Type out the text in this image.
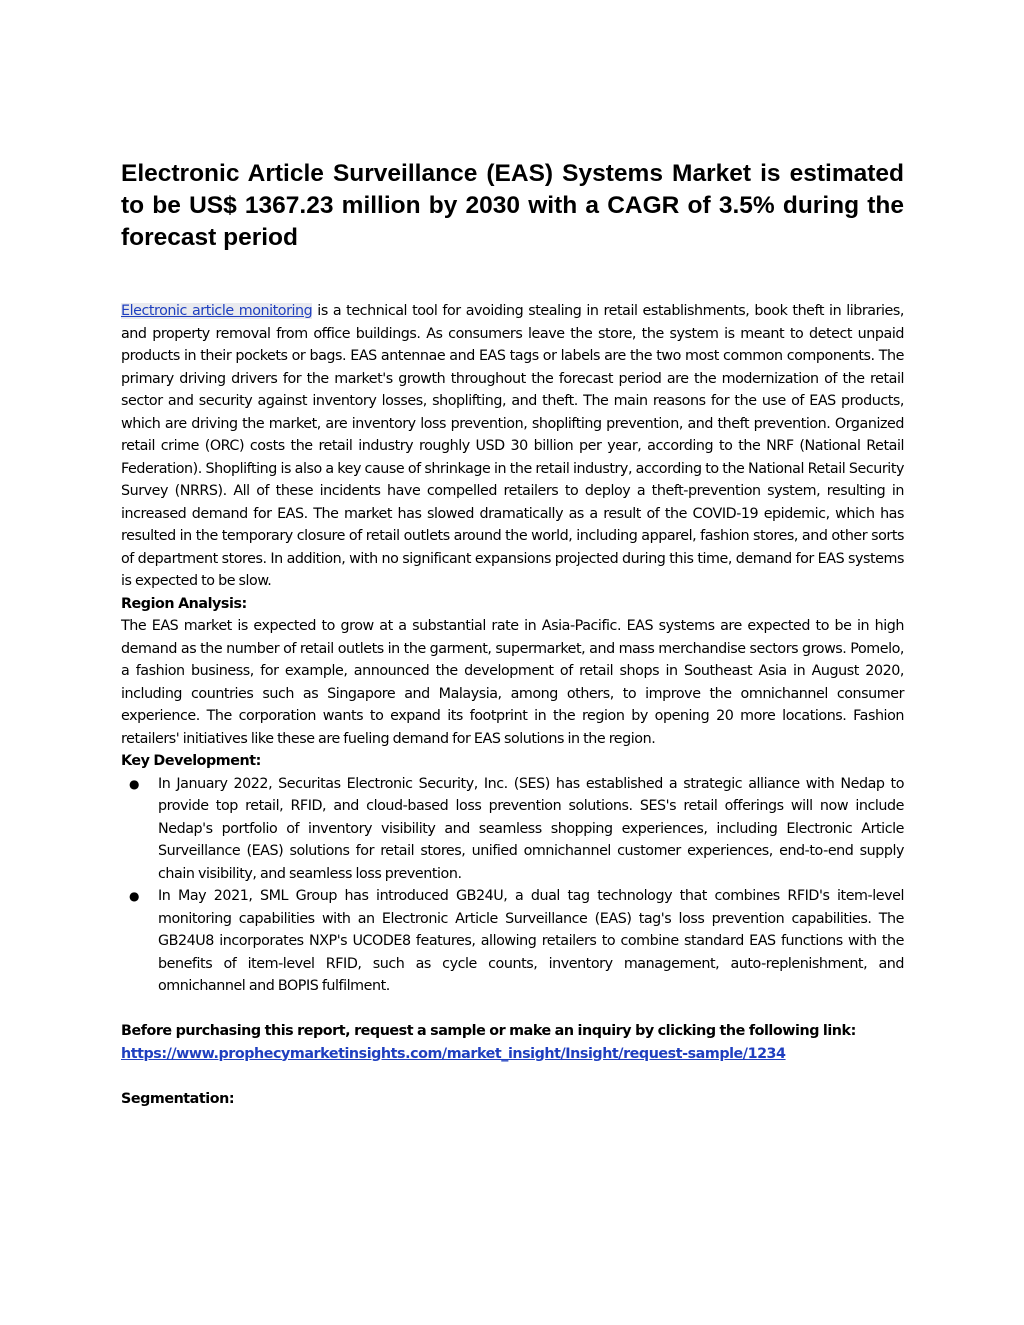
Electronic Article Surveillance (EAS) Systems Market is estimated to be US$ 1367.23 million by 2030 with a CAGR of 3.5% during the forecast period

Electronic article monitoring is a technical tool for avoiding stealing in retail establishments, book theft in libraries, and property removal from office buildings. As consumers leave the store, the system is meant to detect unpaid products in their pockets or bags. EAS antennae and EAS tags or labels are the two most common components. The primary driving drivers for the market's growth throughout the forecast period are the modernization of the retail sector and security against inventory losses, shoplifting, and theft. The main reasons for the use of EAS products, which are driving the market, are inventory loss prevention, shoplifting prevention, and theft prevention. Organized retail crime (ORC) costs the retail industry roughly USD 30 billion per year, according to the NRF (National Retail Federation). Shoplifting is also a key cause of shrinkage in the retail industry, according to the National Retail Security Survey (NRRS). All of these incidents have compelled retailers to deploy a theft-prevention system, resulting in increased demand for EAS. The market has slowed dramatically as a result of the COVID-19 epidemic, which has resulted in the temporary closure of retail outlets around the world, including apparel, fashion stores, and other sorts of department stores. In addition, with no significant expansions projected during this time, demand for EAS systems is expected to be slow.

Region Analysis:

The EAS market is expected to grow at a substantial rate in Asia-Pacific. EAS systems are expected to be in high demand as the number of retail outlets in the garment, supermarket, and mass merchandise sectors grows. Pomelo, a fashion business, for example, announced the development of retail shops in Southeast Asia in August 2020, including countries such as Singapore and Malaysia, among others, to improve the omnichannel consumer experience. The corporation wants to expand its footprint in the region by opening 20 more locations. Fashion retailers' initiatives like these are fueling demand for EAS solutions in the region.

Key Development:

● In January 2022, Securitas Electronic Security, Inc. (SES) has established a strategic alliance with Nedap to provide top retail, RFID, and cloud-based loss prevention solutions. SES's retail offerings will now include Nedap's portfolio of inventory visibility and seamless shopping experiences, including Electronic Article Surveillance (EAS) solutions for retail stores, unified omnichannel customer experiences, end-to-end supply chain visibility, and seamless loss prevention.
● In May 2021, SML Group has introduced GB24U, a dual tag technology that combines RFID's item-level monitoring capabilities with an Electronic Article Surveillance (EAS) tag's loss prevention capabilities. The GB24U8 incorporates NXP's UCODE8 features, allowing retailers to combine standard EAS functions with the benefits of item-level RFID, such as cycle counts, inventory management, auto-replenishment, and omnichannel and BOPIS fulfilment.

Before purchasing this report, request a sample or make an inquiry by clicking the following link:

https://www.prophecymarketinsights.com/market_insight/Insight/request-sample/1234

Segmentation:
